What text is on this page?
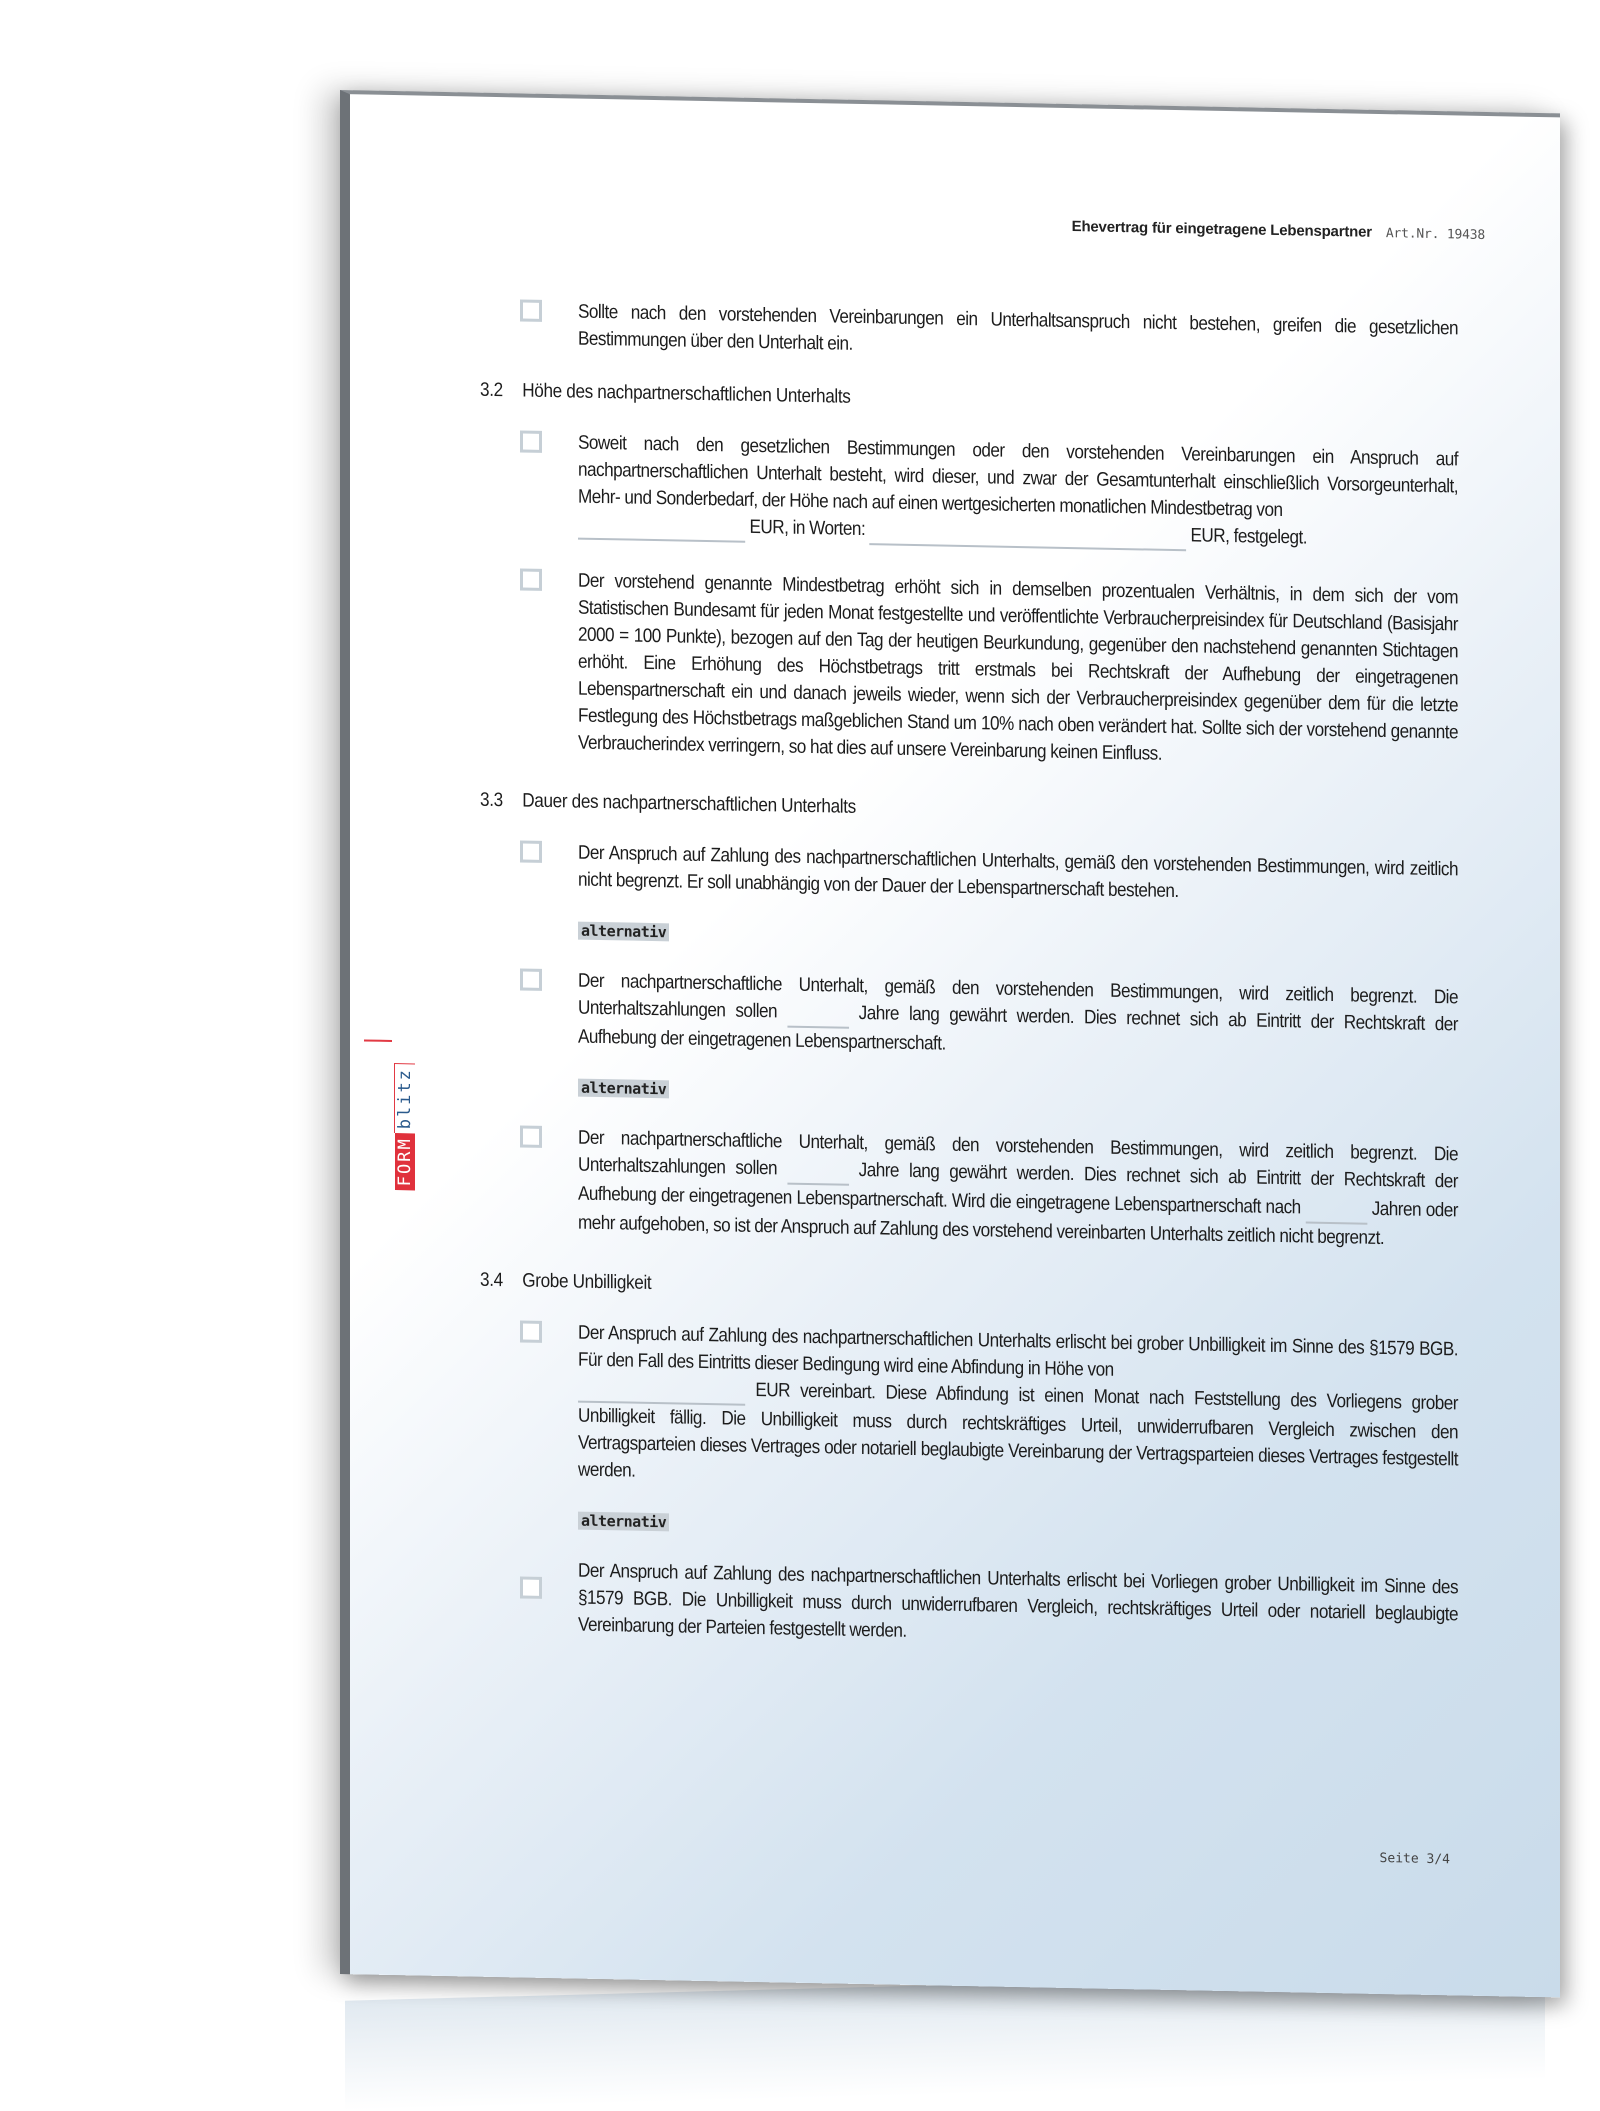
Ehevertrag für eingetragene Lebenspartner Art.Nr. 19438
FORMblitz
Sollte nach den vorstehenden Vereinbarungen ein Unterhaltsanspruch nicht bestehen, greifen die gesetzlichen Bestimmungen über den Unterhalt ein.
3.2 Höhe des nachpartnerschaftlichen Unterhalts
Soweit nach den gesetzlichen Bestimmungen oder den vorstehenden Vereinbarungen ein Anspruch auf nachpartnerschaftlichen Unterhalt besteht, wird dieser, und zwar der Gesamtunterhalt einschließlich Vorsorgeunterhalt, Mehr- und Sonderbedarf, der Höhe nach auf einen wertgesicherten monatlichen Mindestbetrag von
EUR, in Worten:	EUR, festgelegt.
Der vorstehend genannte Mindestbetrag erhöht sich in demselben prozentualen Verhältnis, in dem sich der vom Statistischen Bundesamt für jeden Monat festgestellte und veröffentlichte Verbraucherpreisindex für Deutschland (Basisjahr 2000 = 100 Punkte), bezogen auf den Tag der heutigen Beurkundung, gegenüber den nachstehend genannten Stichtagen erhöht. Eine Erhöhung des Höchstbetrags tritt erstmals bei Rechtskraft der Aufhebung der eingetragenen Lebenspartnerschaft ein und danach jeweils wieder, wenn sich der Verbraucherpreisindex gegenüber dem für die letzte Festlegung des Höchstbetrags maßgeblichen Stand um 10% nach oben verändert hat. Sollte sich der vorstehend genannte Verbraucherindex verringern, so hat dies auf unsere Vereinbarung keinen Einfluss.
3.3 Dauer des nachpartnerschaftlichen Unterhalts
Der Anspruch auf Zahlung des nachpartnerschaftlichen Unterhalts, gemäß den vorstehenden Bestimmungen, wird zeitlich nicht begrenzt. Er soll unabhängig von der Dauer der Lebenspartnerschaft bestehen.
alternativ
Der nachpartnerschaftliche Unterhalt, gemäß den vorstehenden Bestimmungen, wird zeitlich begrenzt. Die Unterhaltszahlungen sollen	Jahre lang gewährt werden. Dies rechnet sich ab Eintritt der Rechtskraft der Aufhebung der eingetragenen Lebenspartnerschaft.
alternativ
Der nachpartnerschaftliche Unterhalt, gemäß den vorstehenden Bestimmungen, wird zeitlich begrenzt. Die Unterhaltszahlungen sollen	Jahre lang gewährt werden. Dies rechnet sich ab Eintritt der Rechtskraft der Aufhebung der eingetragenen Lebenspartnerschaft. Wird die eingetragene Lebenspartnerschaft nach	Jahren oder mehr aufgehoben, so ist der Anspruch auf Zahlung des vorstehend vereinbarten Unterhalts zeitlich nicht begrenzt.
3.4 Grobe Unbilligkeit
Der Anspruch auf Zahlung des nachpartnerschaftlichen Unterhalts erlischt bei grober Unbilligkeit im Sinne des §1579 BGB. Für den Fall des Eintritts dieser Bedingung wird eine Abfindung in Höhe von
EUR vereinbart. Diese Abfindung ist einen Monat nach Feststellung des Vorliegens grober Unbilligkeit fällig. Die Unbilligkeit muss durch rechtskräftiges Urteil, unwiderrufbaren Vergleich zwischen den Vertragsparteien dieses Vertrages oder notariell beglaubigte Vereinbarung der Vertragsparteien dieses Vertrages festgestellt werden.
alternativ
Der Anspruch auf Zahlung des nachpartnerschaftlichen Unterhalts erlischt bei Vorliegen grober Unbilligkeit im Sinne des §1579 BGB. Die Unbilligkeit muss durch unwiderrufbaren Vergleich, rechtskräftiges Urteil oder notariell beglaubigte Vereinbarung der Parteien festgestellt werden.
Seite 3/4
